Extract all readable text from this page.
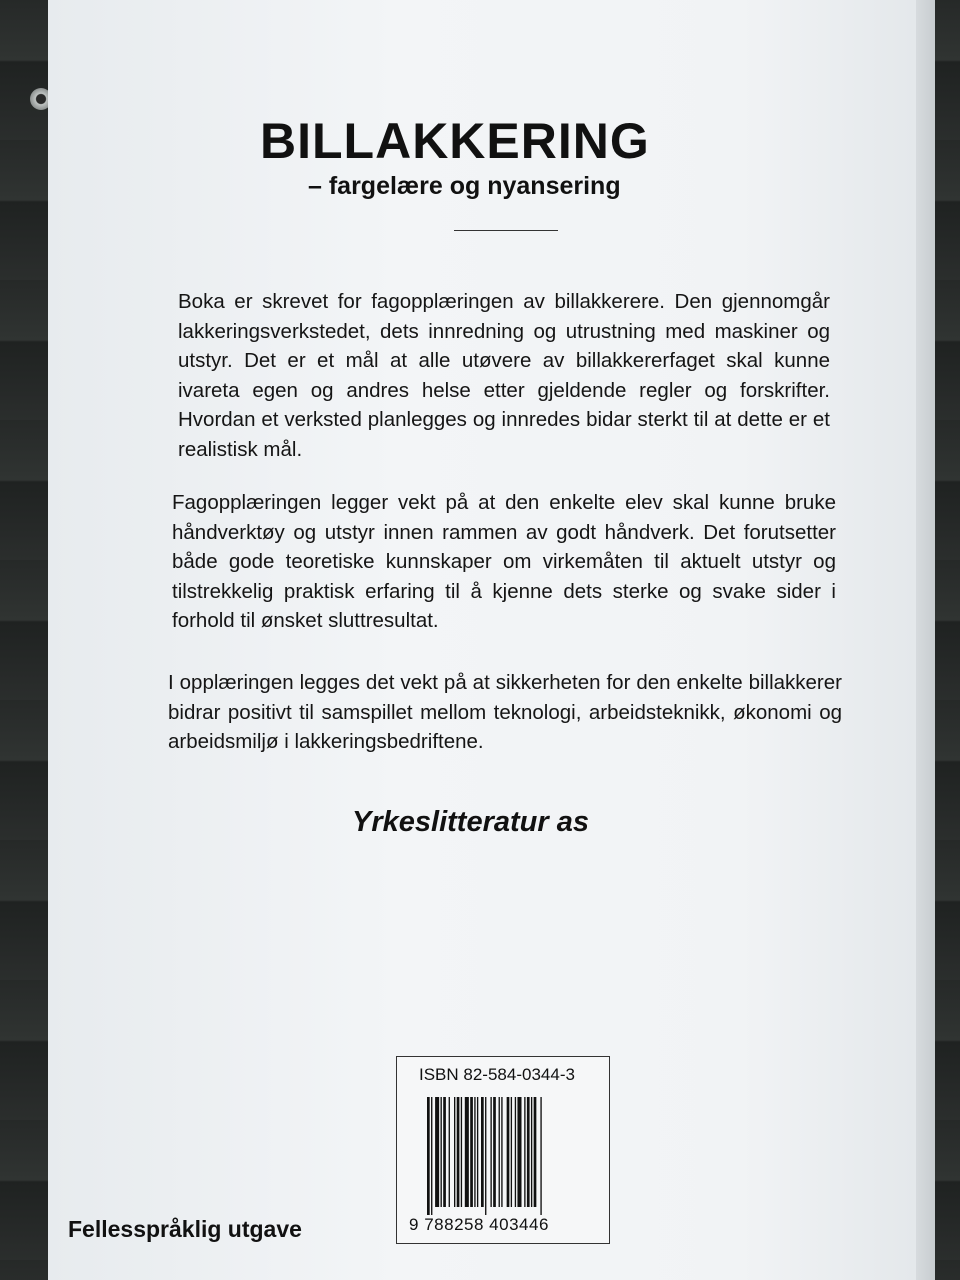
BILLAKKERING
– fargelære og nyansering

Boka er skrevet for fagopplæringen av billakkerere. Den gjennomgår lakkeringsverkstedet, dets innredning og utrustning med maskiner og utstyr. Det er et mål at alle utøvere av billakkererfaget skal kunne ivareta egen og andres helse etter gjeldende regler og forskrifter. Hvordan et verksted planlegges og innredes bidar sterkt til at dette er et realistisk mål.

Fagopplæringen legger vekt på at den enkelte elev skal kunne bruke håndverktøy og utstyr innen rammen av godt håndverk. Det forutsetter både gode teoretiske kunnskaper om virkemåten til aktuelt utstyr og tilstrekkelig praktisk erfaring til å kjenne dets sterke og svake sider i forhold til ønsket sluttresultat.

I opplæringen legges det vekt på at sikkerheten for den enkelte billakkerer bidrar positivt til samspillet mellom teknologi, arbeidsteknikk, økonomi og arbeidsmiljø i lakkeringsbedriftene.

Yrkeslitteratur as
ISBN 82-584-0344-3
9 788258 403446
Fellesspråklig utgave
